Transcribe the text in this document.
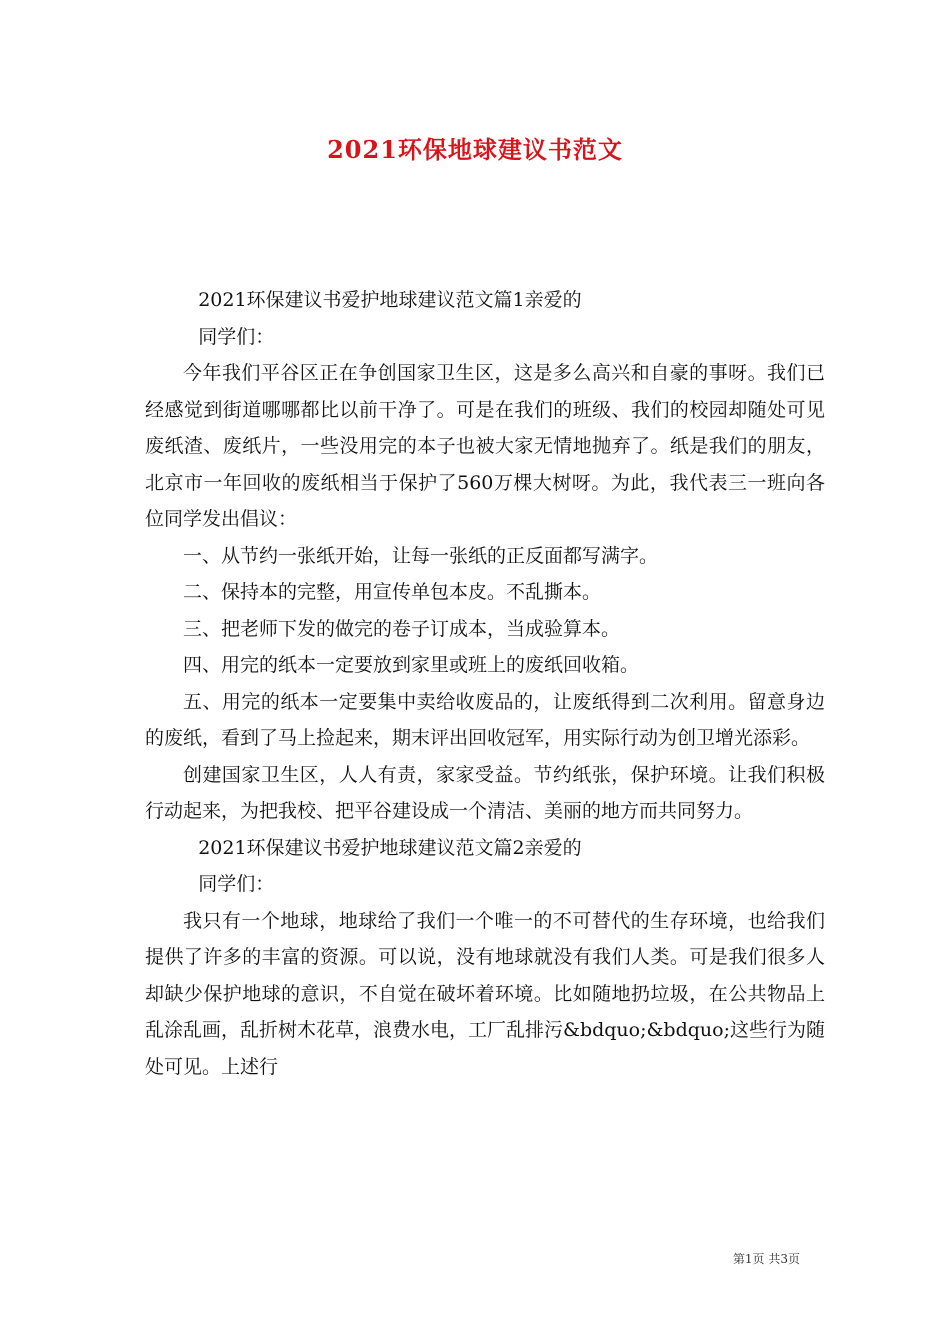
2021环保地球建议书范文

2021环保建议书爱护地球建议范文篇1亲爱的

同学们：

今年我们平谷区正在争创国家卫生区，这是多么高兴和自豪的事呀。我们已经感觉到街道哪哪都比以前干净了。可是在我们的班级、我们的校园却随处可见废纸渣、废纸片，一些没用完的本子也被大家无情地抛弃了。纸是我们的朋友，北京市一年回收的废纸相当于保护了560万棵大树呀。为此，我代表三一班向各位同学发出倡议：

一、从节约一张纸开始，让每一张纸的正反面都写满字。

二、保持本的完整，用宣传单包本皮。不乱撕本。

三、把老师下发的做完的卷子订成本，当成验算本。

四、用完的纸本一定要放到家里或班上的废纸回收箱。

五、用完的纸本一定要集中卖给收废品的，让废纸得到二次利用。留意身边的废纸，看到了马上捡起来，期末评出回收冠军，用实际行动为创卫增光添彩。

创建国家卫生区，人人有责，家家受益。节约纸张，保护环境。让我们积极行动起来，为把我校、把平谷建设成一个清洁、美丽的地方而共同努力。

2021环保建议书爱护地球建议范文篇2亲爱的

同学们：

我只有一个地球，地球给了我们一个唯一的不可替代的生存环境，也给我们提供了许多的丰富的资源。可以说，没有地球就没有我们人类。可是我们很多人却缺少保护地球的意识，不自觉在破坏着环境。比如随地扔垃圾，在公共物品上乱涂乱画，乱折树木花草，浪费水电，工厂乱排污&bdquo;&bdquo;这些行为随处可见。上述行

第1页 共3页
